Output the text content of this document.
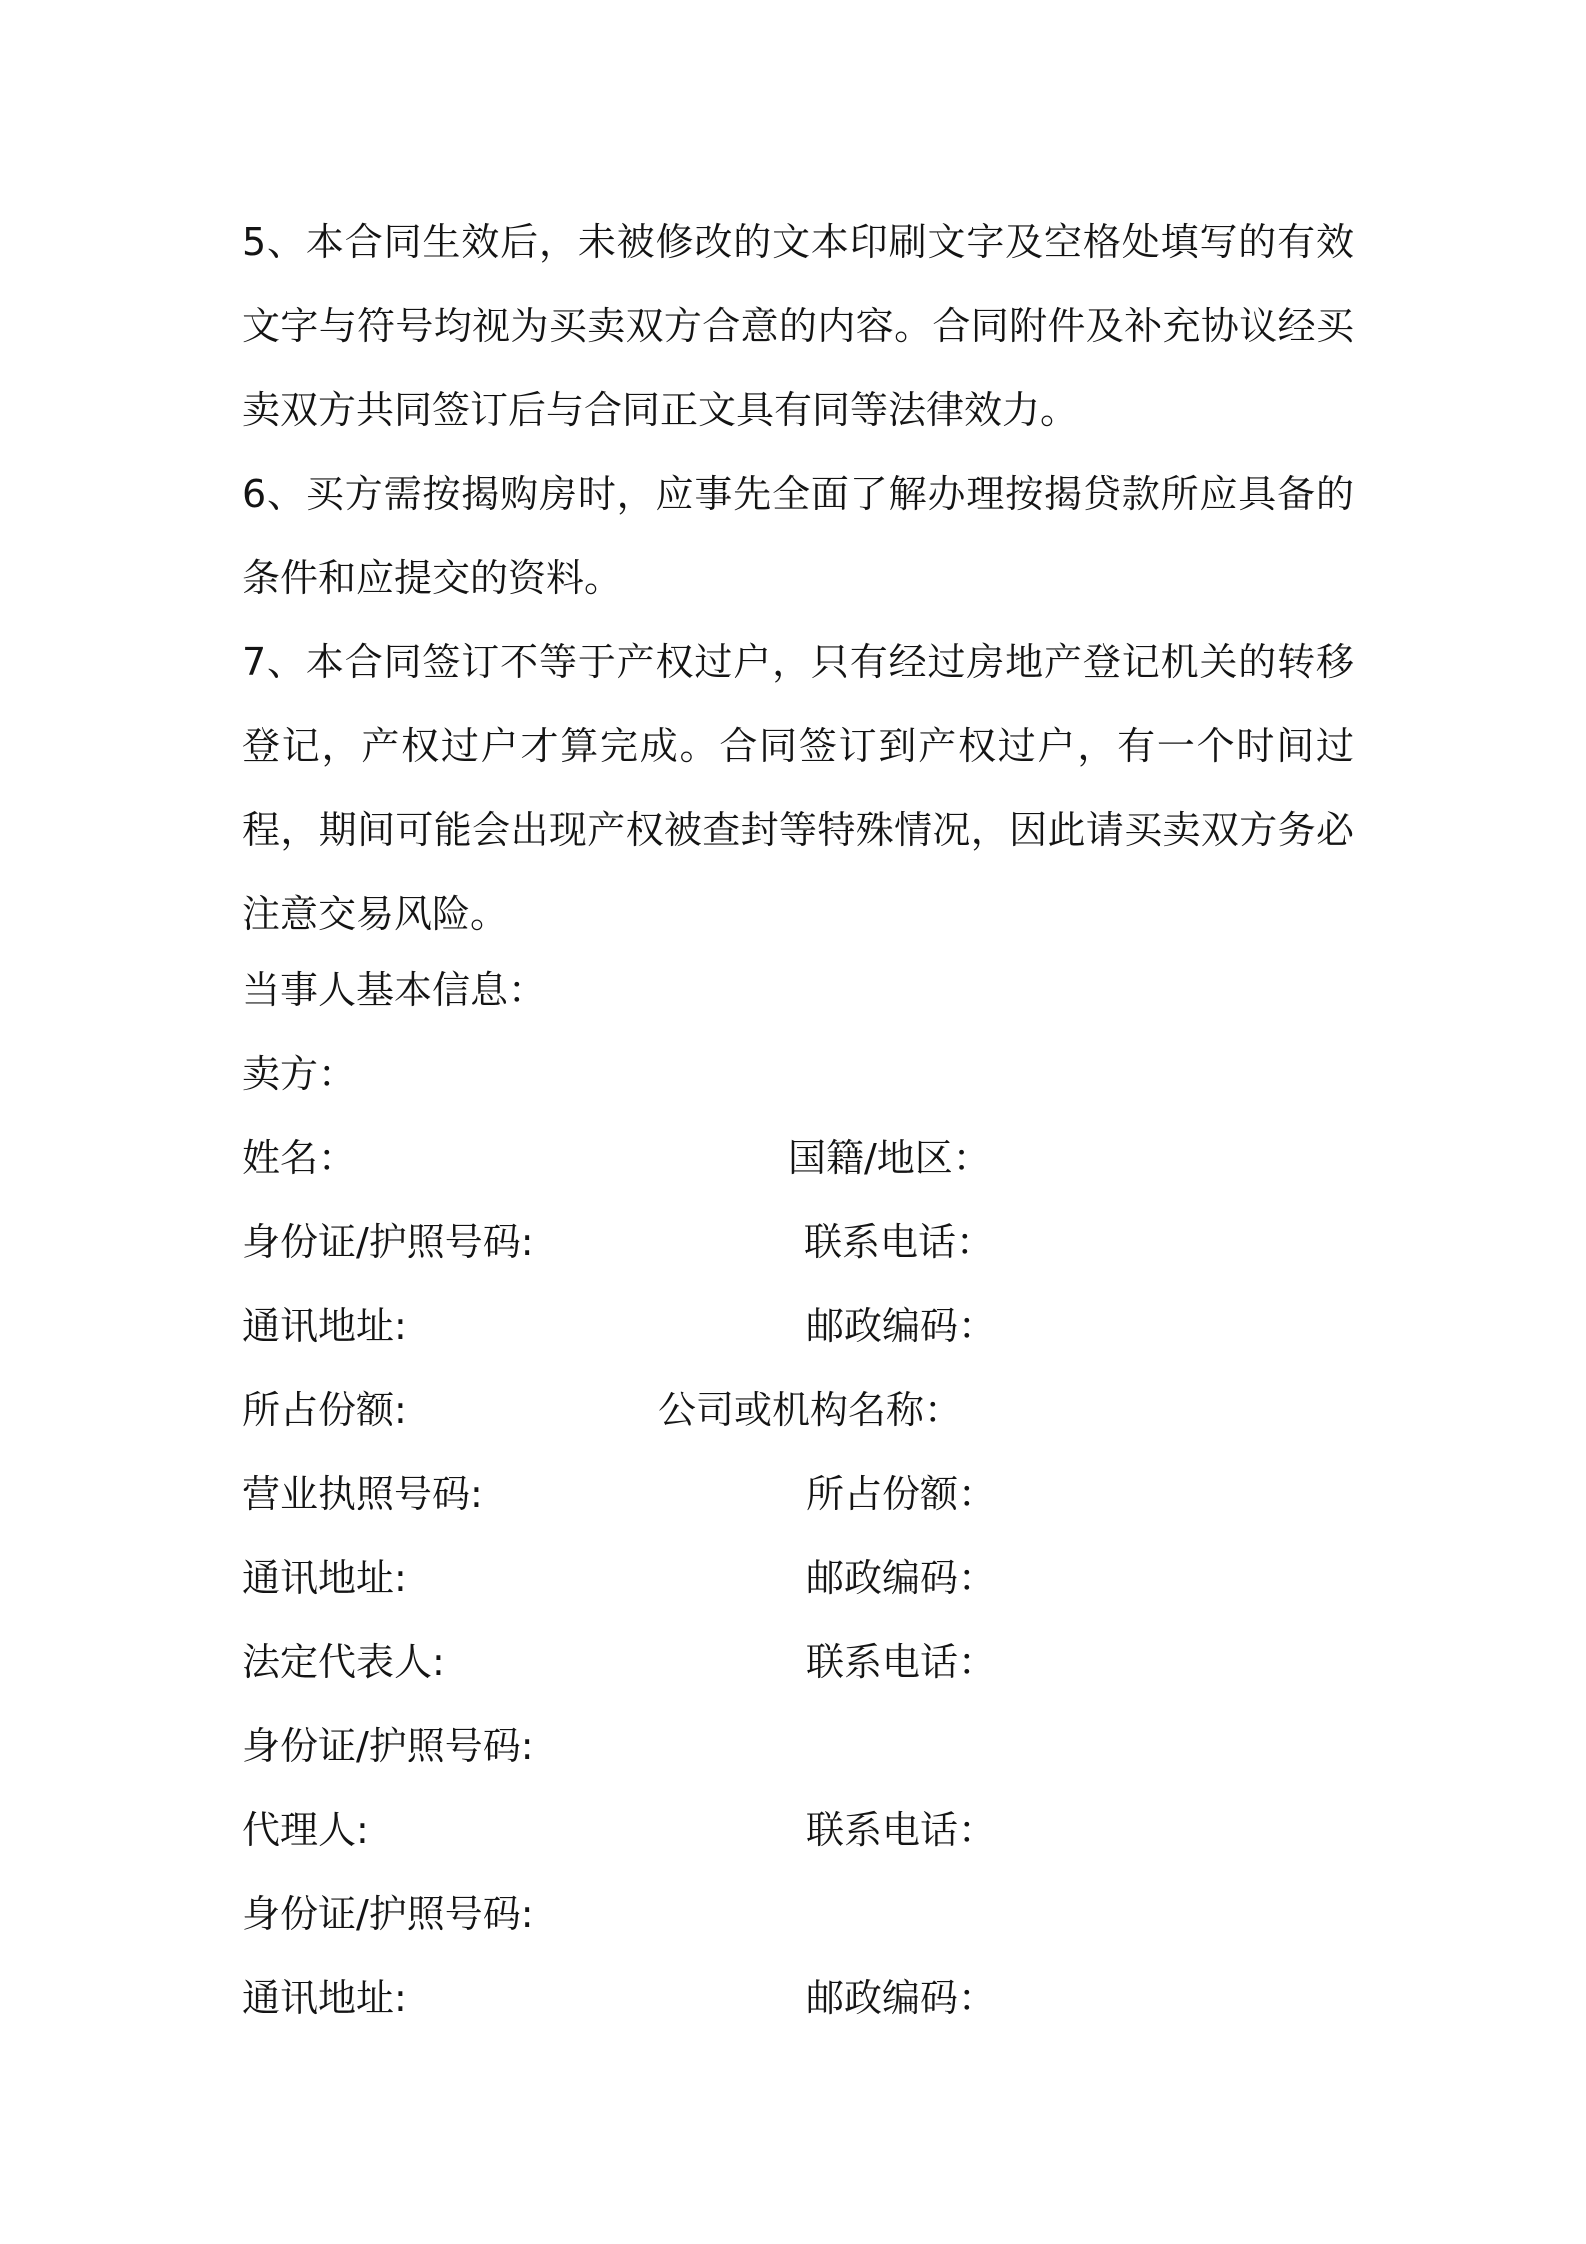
5、本合同生效后，未被修改的文本印刷文字及空格处填写的有效文字与符号均视为买卖双方合意的内容。合同附件及补充协议经买卖双方共同签订后与合同正文具有同等法律效力。

6、买方需按揭购房时，应事先全面了解办理按揭贷款所应具备的条件和应提交的资料。

7、本合同签订不等于产权过户，只有经过房地产登记机关的转移登记，产权过户才算完成。合同签订到产权过户，有一个时间过程，期间可能会出现产权被查封等特殊情况，因此请买卖双方务必注意交易风险。

当事人基本信息：
卖方：
姓名：	国籍/地区：
身份证/护照号码:	联系电话：
通讯地址:	邮政编码：
所占份额:	公司或机构名称：
营业执照号码:	所占份额：
通讯地址:	邮政编码：
法定代表人:	联系电话：
身份证/护照号码:
代理人:	联系电话：
身份证/护照号码:
通讯地址:	邮政编码：
